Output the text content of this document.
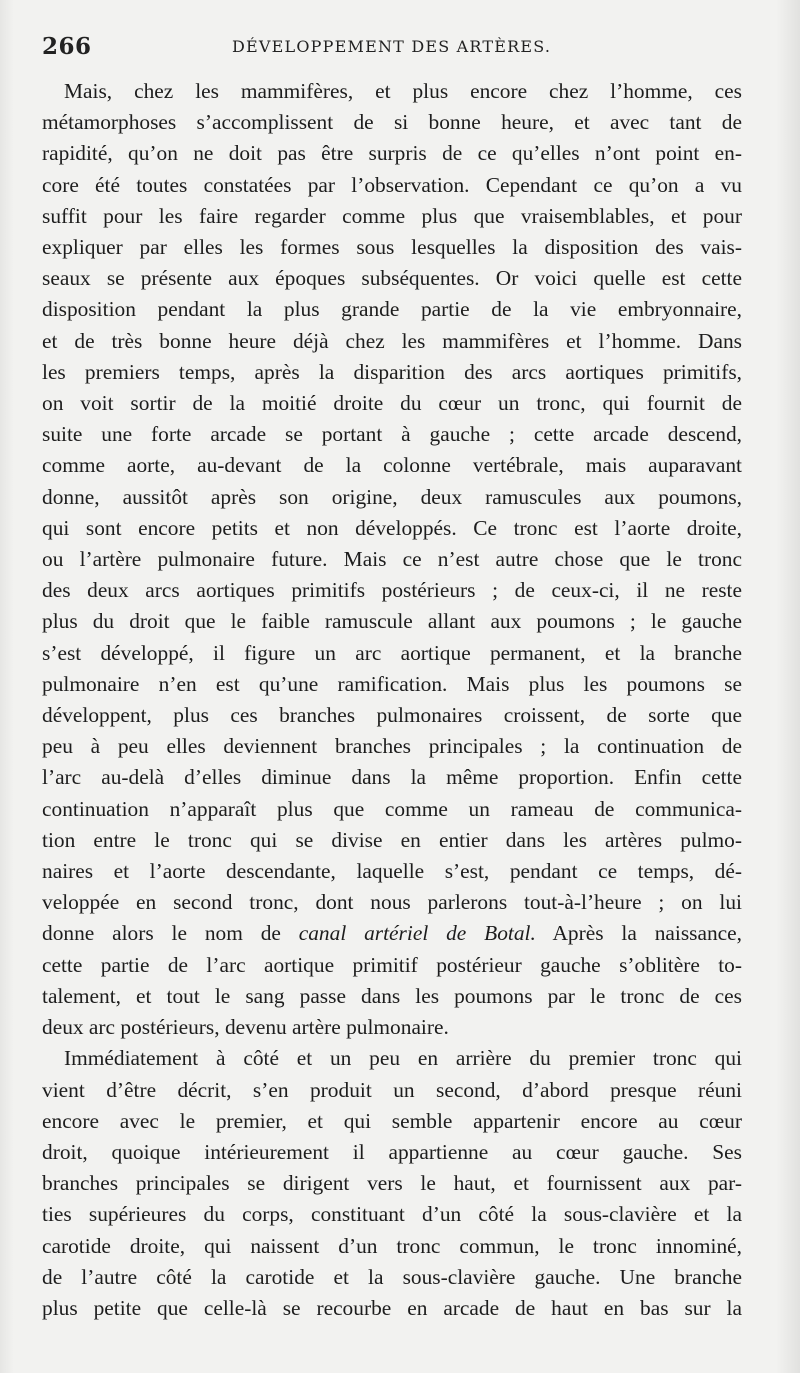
266	DÉVELOPPEMENT DES ARTÈRES.
Mais, chez les mammifères, et plus encore chez l’homme, ces
métamorphoses s’accomplissent de si bonne heure, et avec tant de
rapidité, qu’on ne doit pas être surpris de ce qu’elles n’ont point en-
core été toutes constatées par l’observation. Cependant ce qu’on a vu
suffit pour les faire regarder comme plus que vraisemblables, et pour
expliquer par elles les formes sous lesquelles la disposition des vais-
seaux se présente aux époques subséquentes. Or voici quelle est cette
disposition pendant la plus grande partie de la vie embryonnaire,
et de très bonne heure déjà chez les mammifères et l’homme. Dans
les premiers temps, après la disparition des arcs aortiques primitifs,
on voit sortir de la moitié droite du cœur un tronc, qui fournit de
suite une forte arcade se portant à gauche ; cette arcade descend,
comme aorte, au-devant de la colonne vertébrale, mais auparavant
donne, aussitôt après son origine, deux ramuscules aux poumons,
qui sont encore petits et non développés. Ce tronc est l’aorte droite,
ou l’artère pulmonaire future. Mais ce n’est autre chose que le tronc
des deux arcs aortiques primitifs postérieurs ; de ceux-ci, il ne reste
plus du droit que le faible ramuscule allant aux poumons ; le gauche
s’est développé, il figure un arc aortique permanent, et la branche
pulmonaire n’en est qu’une ramification. Mais plus les poumons se
développent, plus ces branches pulmonaires croissent, de sorte que
peu à peu elles deviennent branches principales ; la continuation de
l’arc au-delà d’elles diminue dans la même proportion. Enfin cette
continuation n’apparaît plus que comme un rameau de communica-
tion entre le tronc qui se divise en entier dans les artères pulmo-
naires et l’aorte descendante, laquelle s’est, pendant ce temps, dé-
veloppée en second tronc, dont nous parlerons tout-à-l’heure ; on lui
donne alors le nom de canal artériel de Botal. Après la naissance,
cette partie de l’arc aortique primitif postérieur gauche s’oblitère to-
talement, et tout le sang passe dans les poumons par le tronc de ces
deux arc postérieurs, devenu artère pulmonaire.
Immédiatement à côté et un peu en arrière du premier tronc qui
vient d’être décrit, s’en produit un second, d’abord presque réuni
encore avec le premier, et qui semble appartenir encore au cœur
droit, quoique intérieurement il appartienne au cœur gauche. Ses
branches principales se dirigent vers le haut, et fournissent aux par-
ties supérieures du corps, constituant d’un côté la sous-clavière et la
carotide droite, qui naissent d’un tronc commun, le tronc innominé,
de l’autre côté la carotide et la sous-clavière gauche. Une branche
plus petite que celle-là se recourbe en arcade de haut en bas sur la
